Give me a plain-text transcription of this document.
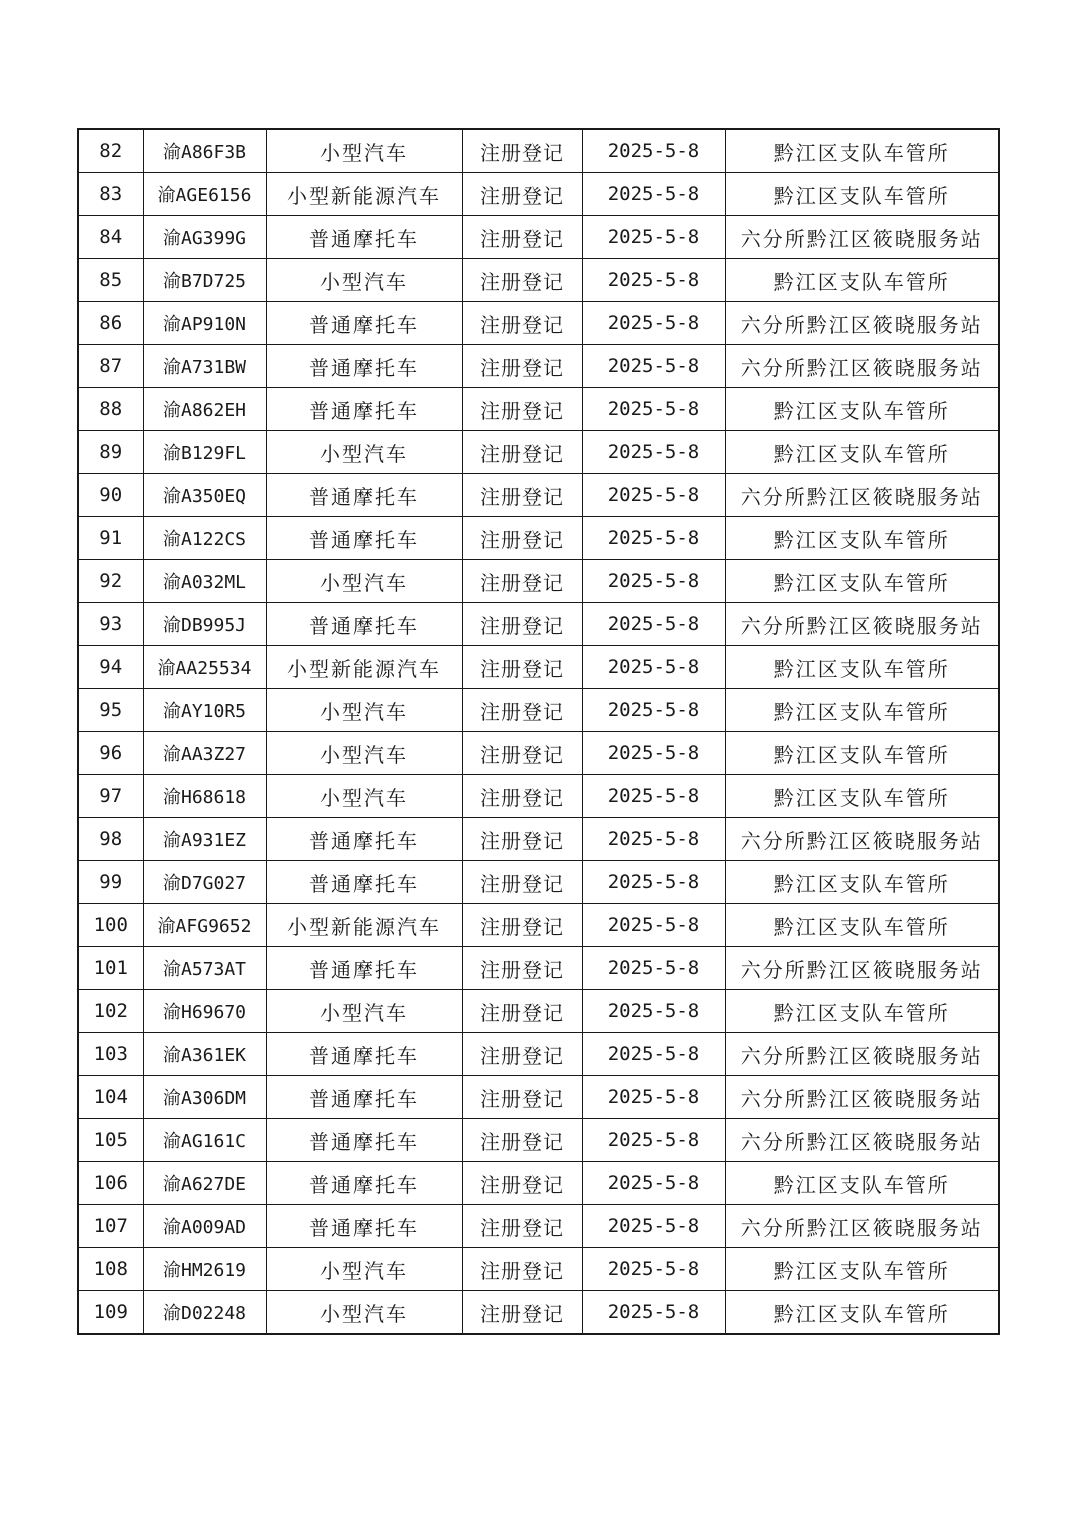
82	渝A86F3B	小型汽车	注册登记	2025-5-8	黔江区支队车管所
83	渝AGE6156	小型新能源汽车	注册登记	2025-5-8	黔江区支队车管所
84	渝AG399G	普通摩托车	注册登记	2025-5-8	六分所黔江区筱晓服务站
85	渝B7D725	小型汽车	注册登记	2025-5-8	黔江区支队车管所
86	渝AP910N	普通摩托车	注册登记	2025-5-8	六分所黔江区筱晓服务站
87	渝A731BW	普通摩托车	注册登记	2025-5-8	六分所黔江区筱晓服务站
88	渝A862EH	普通摩托车	注册登记	2025-5-8	黔江区支队车管所
89	渝B129FL	小型汽车	注册登记	2025-5-8	黔江区支队车管所
90	渝A350EQ	普通摩托车	注册登记	2025-5-8	六分所黔江区筱晓服务站
91	渝A122CS	普通摩托车	注册登记	2025-5-8	黔江区支队车管所
92	渝A032ML	小型汽车	注册登记	2025-5-8	黔江区支队车管所
93	渝DB995J	普通摩托车	注册登记	2025-5-8	六分所黔江区筱晓服务站
94	渝AA25534	小型新能源汽车	注册登记	2025-5-8	黔江区支队车管所
95	渝AY10R5	小型汽车	注册登记	2025-5-8	黔江区支队车管所
96	渝AA3Z27	小型汽车	注册登记	2025-5-8	黔江区支队车管所
97	渝H68618	小型汽车	注册登记	2025-5-8	黔江区支队车管所
98	渝A931EZ	普通摩托车	注册登记	2025-5-8	六分所黔江区筱晓服务站
99	渝D7G027	普通摩托车	注册登记	2025-5-8	黔江区支队车管所
100	渝AFG9652	小型新能源汽车	注册登记	2025-5-8	黔江区支队车管所
101	渝A573AT	普通摩托车	注册登记	2025-5-8	六分所黔江区筱晓服务站
102	渝H69670	小型汽车	注册登记	2025-5-8	黔江区支队车管所
103	渝A361EK	普通摩托车	注册登记	2025-5-8	六分所黔江区筱晓服务站
104	渝A306DM	普通摩托车	注册登记	2025-5-8	六分所黔江区筱晓服务站
105	渝AG161C	普通摩托车	注册登记	2025-5-8	六分所黔江区筱晓服务站
106	渝A627DE	普通摩托车	注册登记	2025-5-8	黔江区支队车管所
107	渝A009AD	普通摩托车	注册登记	2025-5-8	六分所黔江区筱晓服务站
108	渝HM2619	小型汽车	注册登记	2025-5-8	黔江区支队车管所
109	渝D02248	小型汽车	注册登记	2025-5-8	黔江区支队车管所
